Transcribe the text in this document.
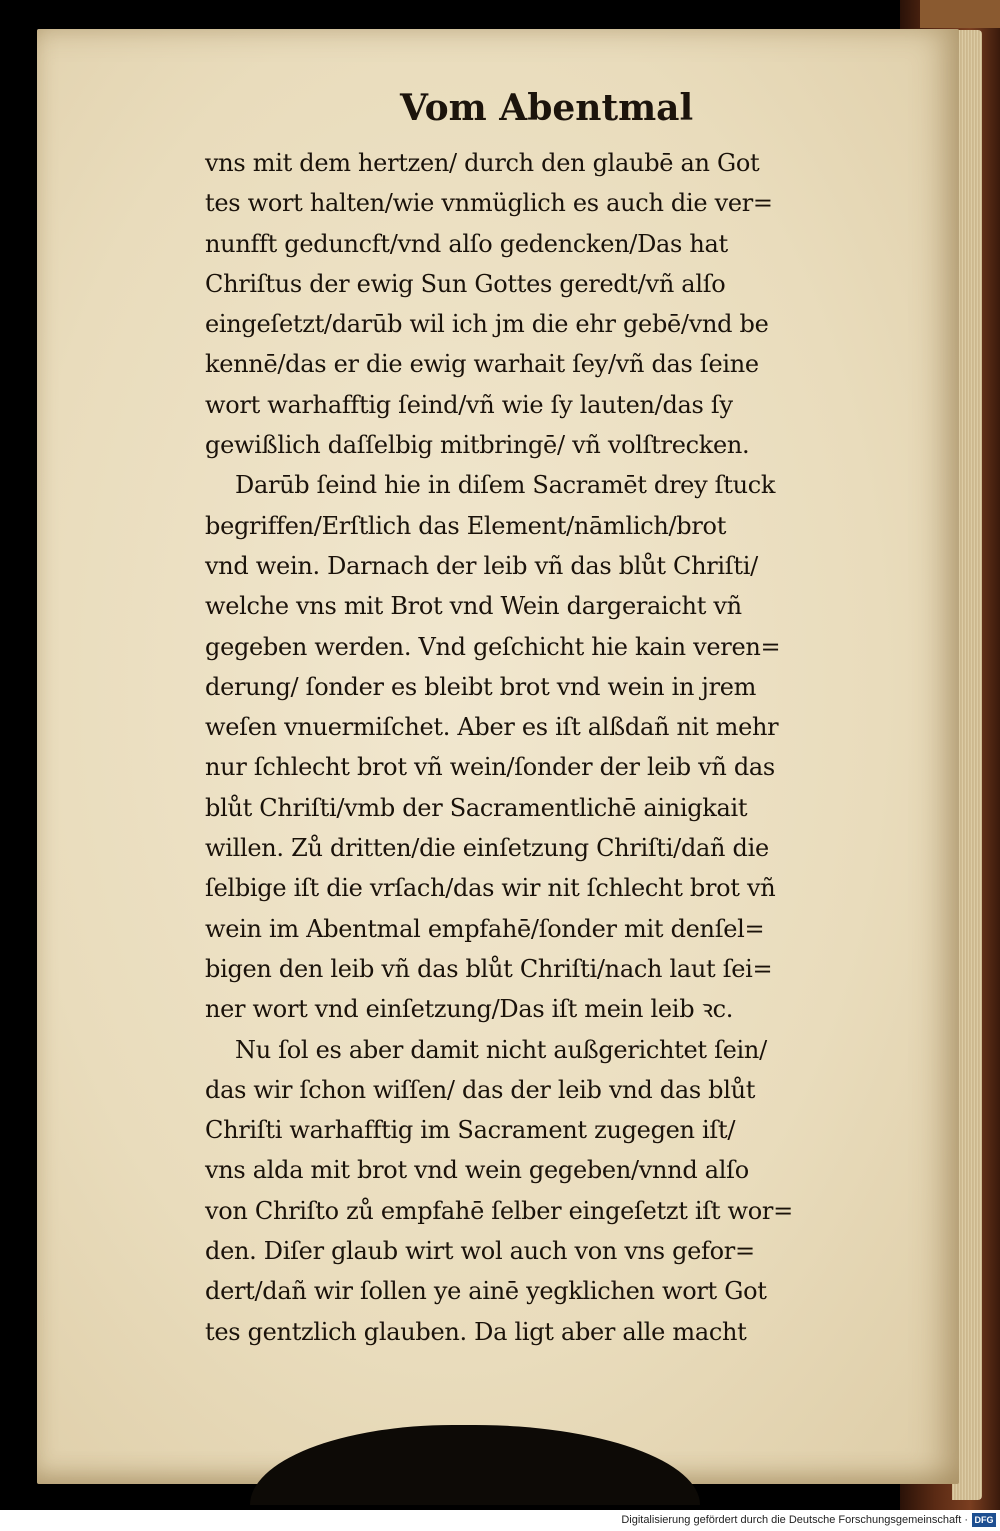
Vom Abentmal
vns mit dem hertzen/ durch den glaubē an Got
tes wort halten/wie vnmüglich es auch die ver=
nunfft geduncft/vnd alſo gedencken/Das hat
Chriſtus der ewig Sun Gottes geredt/vñ alſo
eingeſetzt/darūb wil ich jm die ehr gebē/vnd be
kennē/das er die ewig warhait ſey/vñ das ſeine
wort warhafftig ſeind/vñ wie ſy lauten/das ſy
gewißlich daſſelbig mitbringē/ vñ volſtrecken.
Darūb ſeind hie in diſem Sacramēt drey ſtuck
begriffen/Erſtlich das Element/nāmlich/brot
vnd wein. Darnach der leib vñ das blůt Chriſti/
welche vns mit Brot vnd Wein dargeraicht vñ
gegeben werden. Vnd geſchicht hie kain veren=
derung/ ſonder es bleibt brot vnd wein in jrem
weſen vnuermiſchet. Aber es iſt alßdañ nit mehr
nur ſchlecht brot vñ wein/ſonder der leib vñ das
blůt Chriſti/vmb der Sacramentlichē ainigkait
willen. Zů dritten/die einſetzung Chriſti/dañ die
ſelbige iſt die vrſach/das wir nit ſchlecht brot vñ
wein im Abentmal empfahē/ſonder mit denſel=
bigen den leib vñ das blůt Chriſti/nach laut ſei=
ner wort vnd einſetzung/Das iſt mein leib ꝛc.
Nu ſol es aber damit nicht außgerichtet ſein/
das wir ſchon wiſſen/ das der leib vnd das blůt
Chriſti warhafftig im Sacrament zugegen iſt/
vns alda mit brot vnd wein gegeben/vnnd alſo
von Chriſto zů empfahē ſelber eingeſetzt iſt wor=
den. Diſer glaub wirt wol auch von vns gefor=
dert/dañ wir ſollen ye ainē yegklichen wort Got
tes gentzlich glauben. Da ligt aber alle macht
Digitalisierung gefördert durch die Deutsche Forschungsgemeinschaft · DFG
